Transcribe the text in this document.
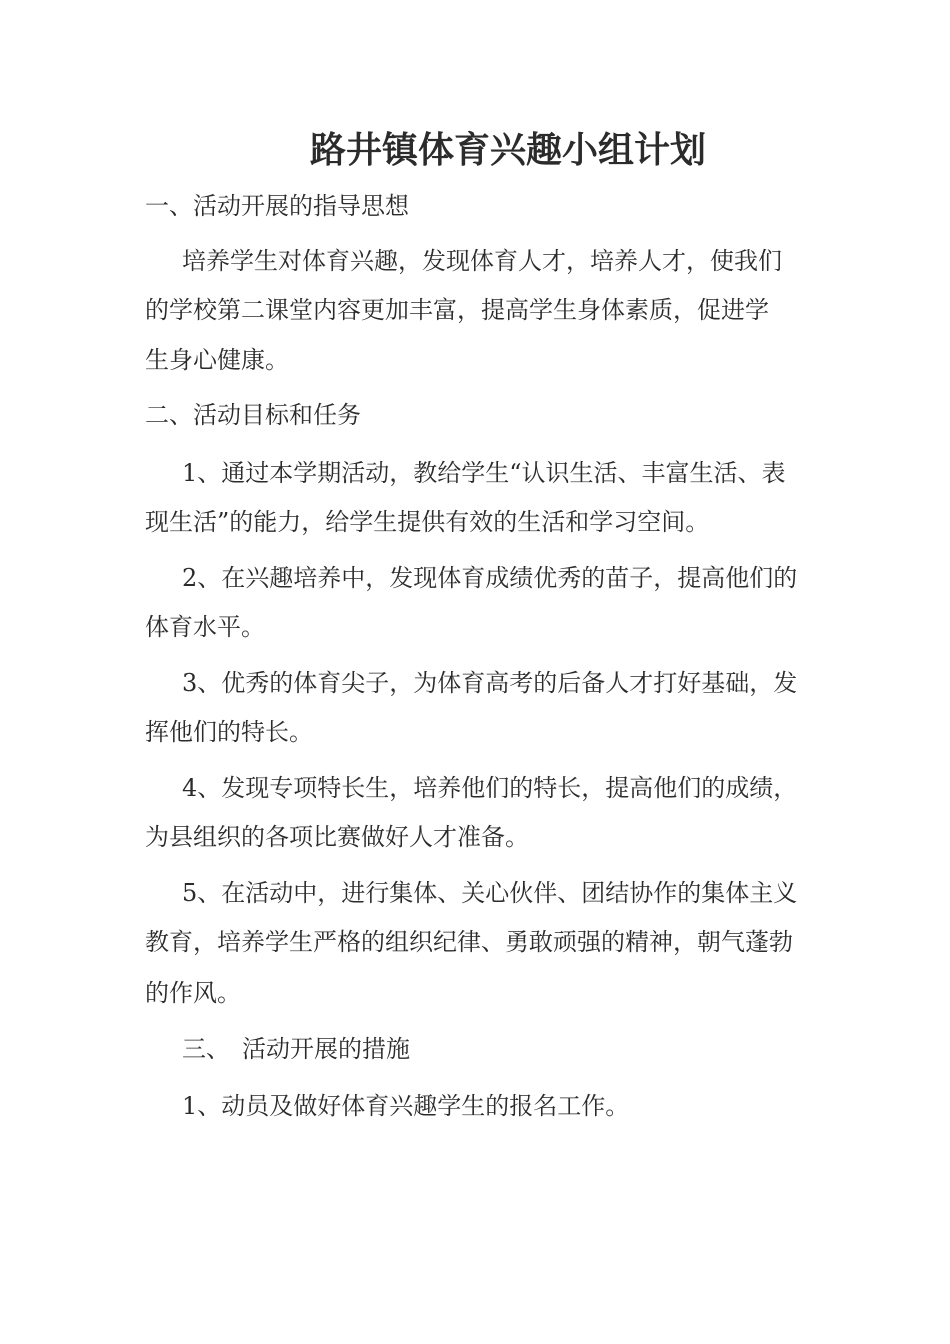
路井镇体育兴趣小组计划
一、活动开展的指导思想
培养学生对体育兴趣，发现体育人才，培养人才，使我们
的学校第二课堂内容更加丰富，提高学生身体素质，促进学
生身心健康。
二、活动目标和任务
1、通过本学期活动，教给学生“认识生活、丰富生活、表
现生活”的能力，给学生提供有效的生活和学习空间。
2、在兴趣培养中，发现体育成绩优秀的苗子，提高他们的
体育水平。
3、优秀的体育尖子，为体育高考的后备人才打好基础，发
挥他们的特长。
4、发现专项特长生，培养他们的特长，提高他们的成绩，
为县组织的各项比赛做好人才准备。
5、在活动中，进行集体、关心伙伴、团结协作的集体主义
教育，培养学生严格的组织纪律、勇敢顽强的精神，朝气蓬勃
的作风。
三、　活动开展的措施
1、动员及做好体育兴趣学生的报名工作。
